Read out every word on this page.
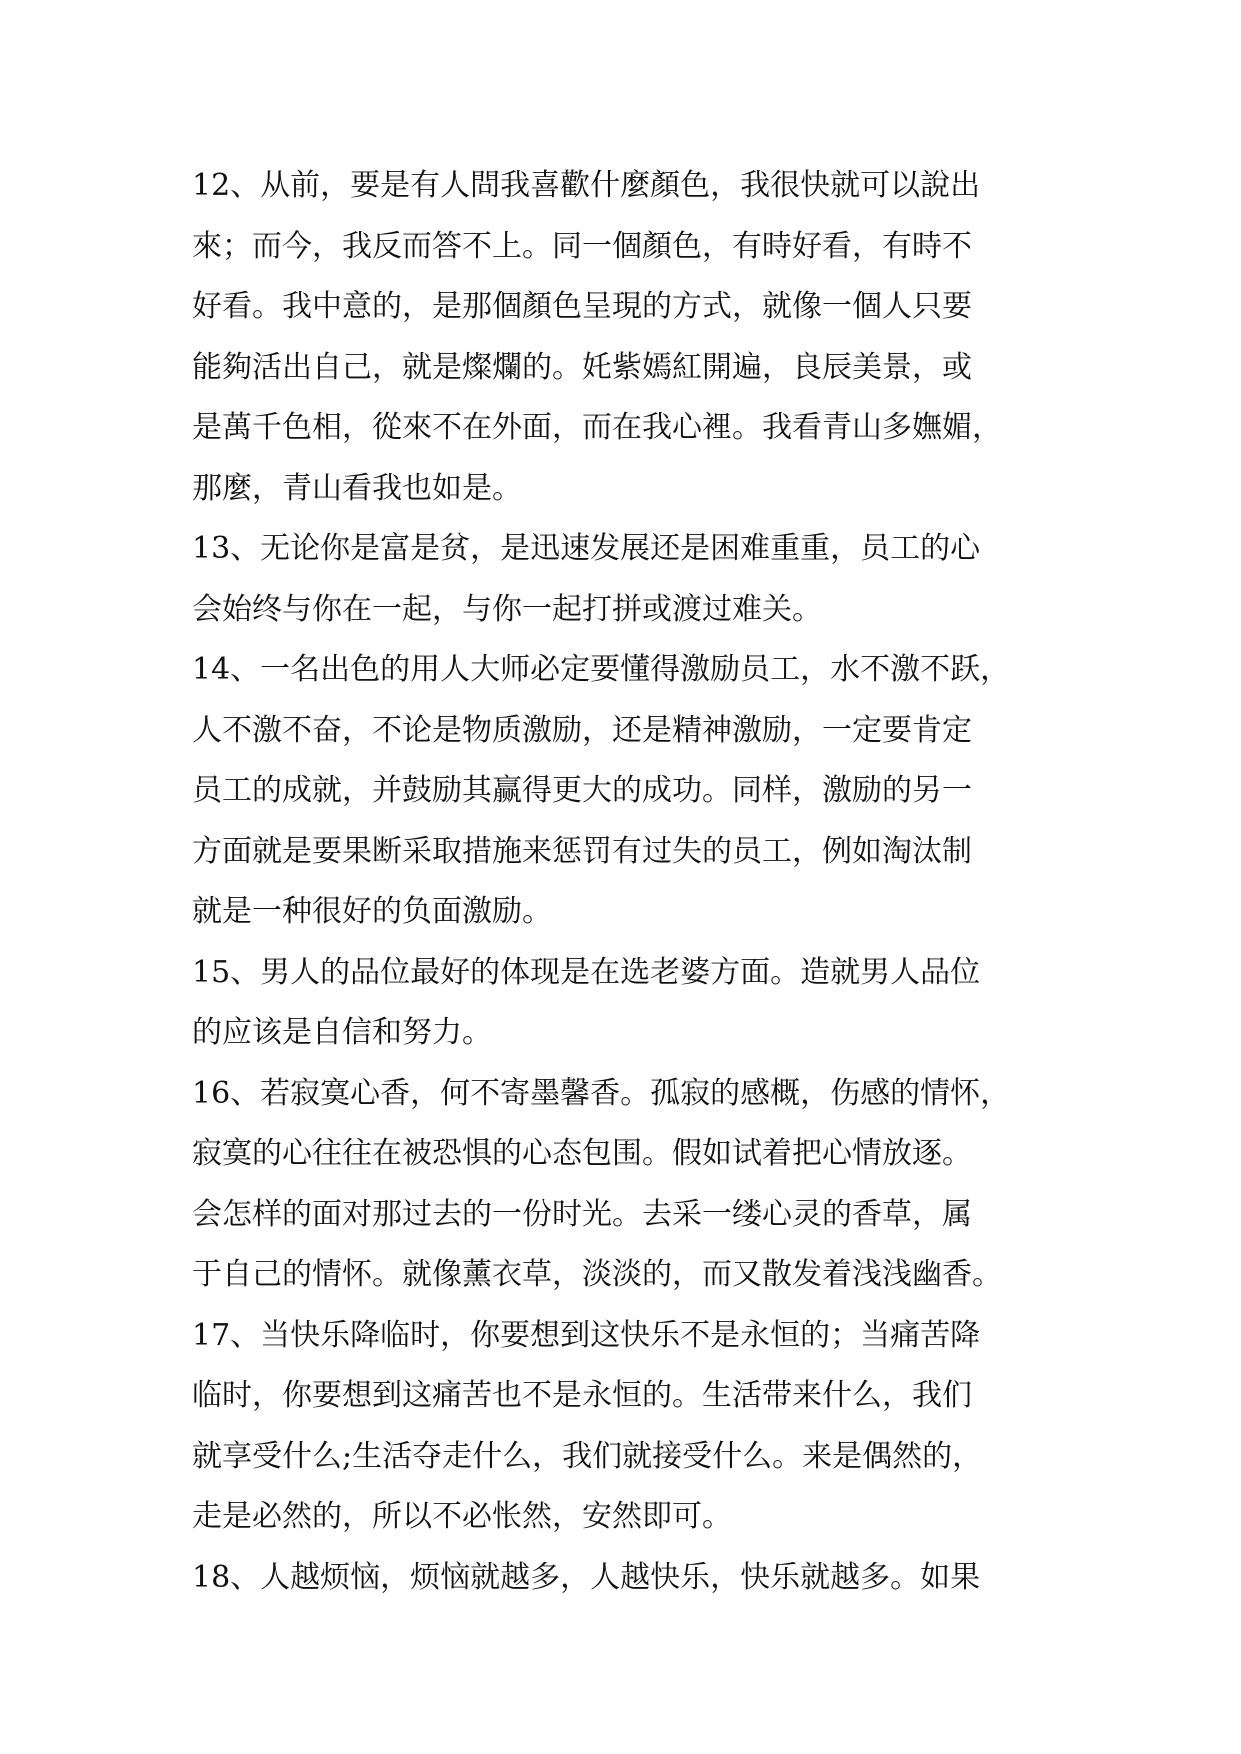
12、从前，要是有人問我喜歡什麼顏色，我很快就可以說出
來；而今，我反而答不上。同一個顏色，有時好看，有時不
好看。我中意的，是那個顏色呈現的方式，就像一個人只要
能夠活出自己，就是燦爛的。奼紫嫣紅開遍，良辰美景，或
是萬千色相，從來不在外面，而在我心裡。我看青山多嫵媚，
那麼，青山看我也如是。
13、无论你是富是贫，是迅速发展还是困难重重，员工的心
会始终与你在一起，与你一起打拼或渡过难关。
14、一名出色的用人大师必定要懂得激励员工，水不激不跃，
人不激不奋，不论是物质激励，还是精神激励，一定要肯定
员工的成就，并鼓励其赢得更大的成功。同样，激励的另一
方面就是要果断采取措施来惩罚有过失的员工，例如淘汰制
就是一种很好的负面激励。
15、男人的品位最好的体现是在选老婆方面。造就男人品位
的应该是自信和努力。
16、若寂寞心香，何不寄墨馨香。孤寂的感概，伤感的情怀，
寂寞的心往往在被恐惧的心态包围。假如试着把心情放逐。
会怎样的面对那过去的一份时光。去采一缕心灵的香草，属
于自己的情怀。就像薰衣草，淡淡的，而又散发着浅浅幽香。
17、当快乐降临时，你要想到这快乐不是永恒的；当痛苦降
临时，你要想到这痛苦也不是永恒的。生活带来什么，我们
就享受什么;生活夺走什么，我们就接受什么。来是偶然的，
走是必然的，所以不必怅然，安然即可。
18、人越烦恼，烦恼就越多，人越快乐，快乐就越多。如果
